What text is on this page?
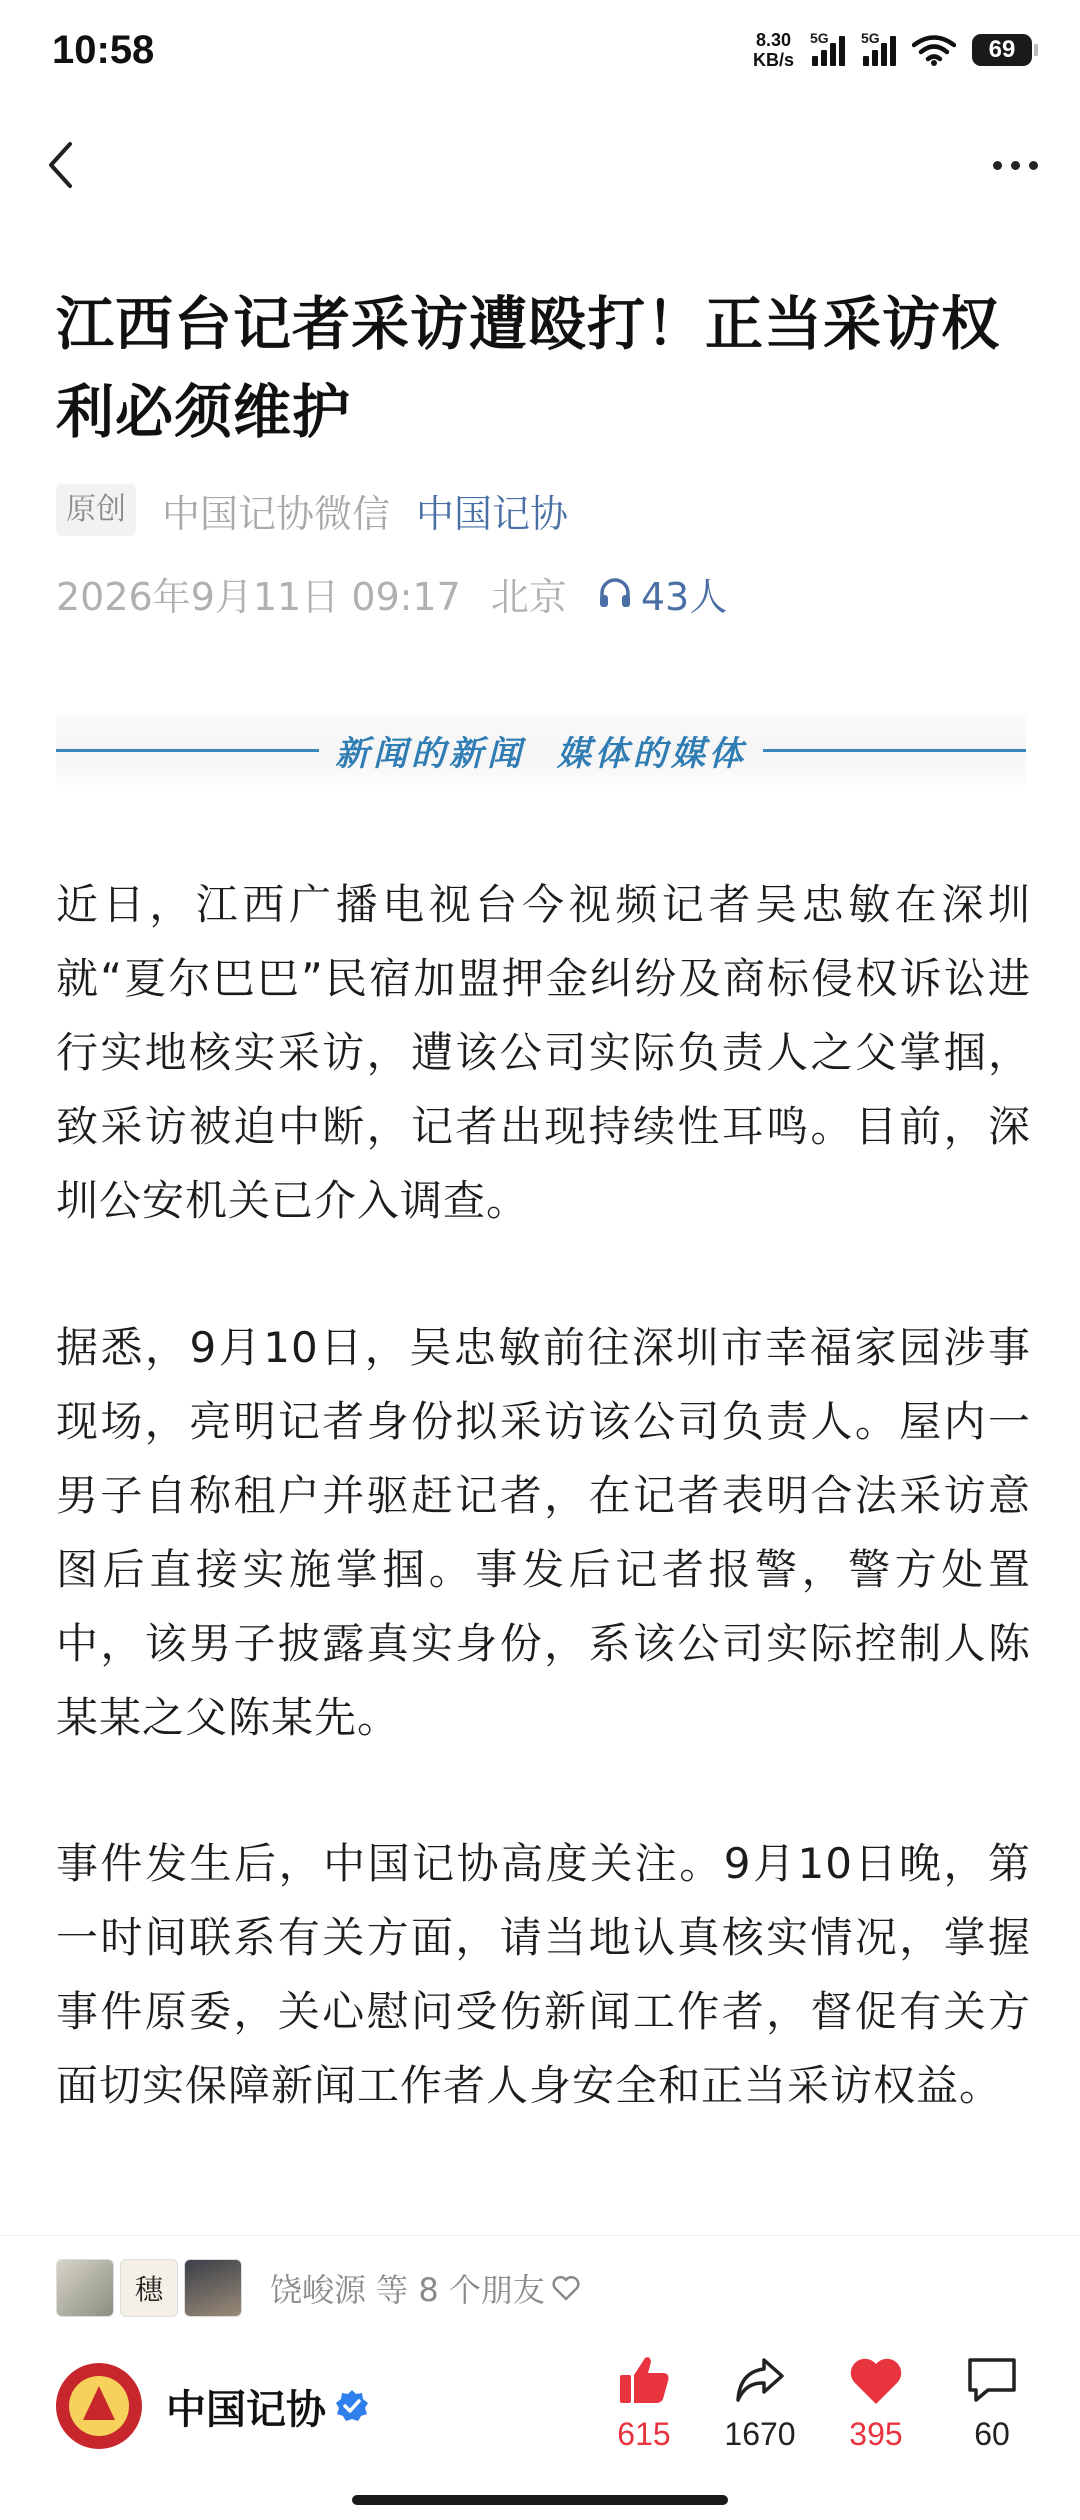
10:58	8.30
KB/s
5G 5G	69
江西台记者采访遭殴打！正当采访权利必须维护
原创 中国记协微信 中国记协
2026年9月11日 09:17 北京 43人
新闻的新闻  媒体的媒体

近日，江西广播电视台今视频记者吴忠敏在深圳就“夏尔巴巴”民宿加盟押金纠纷及商标侵权诉讼进行实地核实采访，遭该公司实际负责人之父掌掴，致采访被迫中断，记者出现持续性耳鸣。目前，深圳公安机关已介入调查。

据悉，9月10日，吴忠敏前往深圳市幸福家园涉事现场，亮明记者身份拟采访该公司负责人。屋内一男子自称租户并驱赶记者，在记者表明合法采访意图后直接实施掌掴。事发后记者报警，警方处置中，该男子披露真实身份，系该公司实际控制人陈某某之父陈某先。

事件发生后，中国记协高度关注。9月10日晚，第一时间联系有关方面，请当地认真核实情况，掌握事件原委，关心慰问受伤新闻工作者，督促有关方面切实保障新闻工作者人身安全和正当采访权益。

穗	饶峻源 等 8 个朋友
中国记协
615 1670 395 60
